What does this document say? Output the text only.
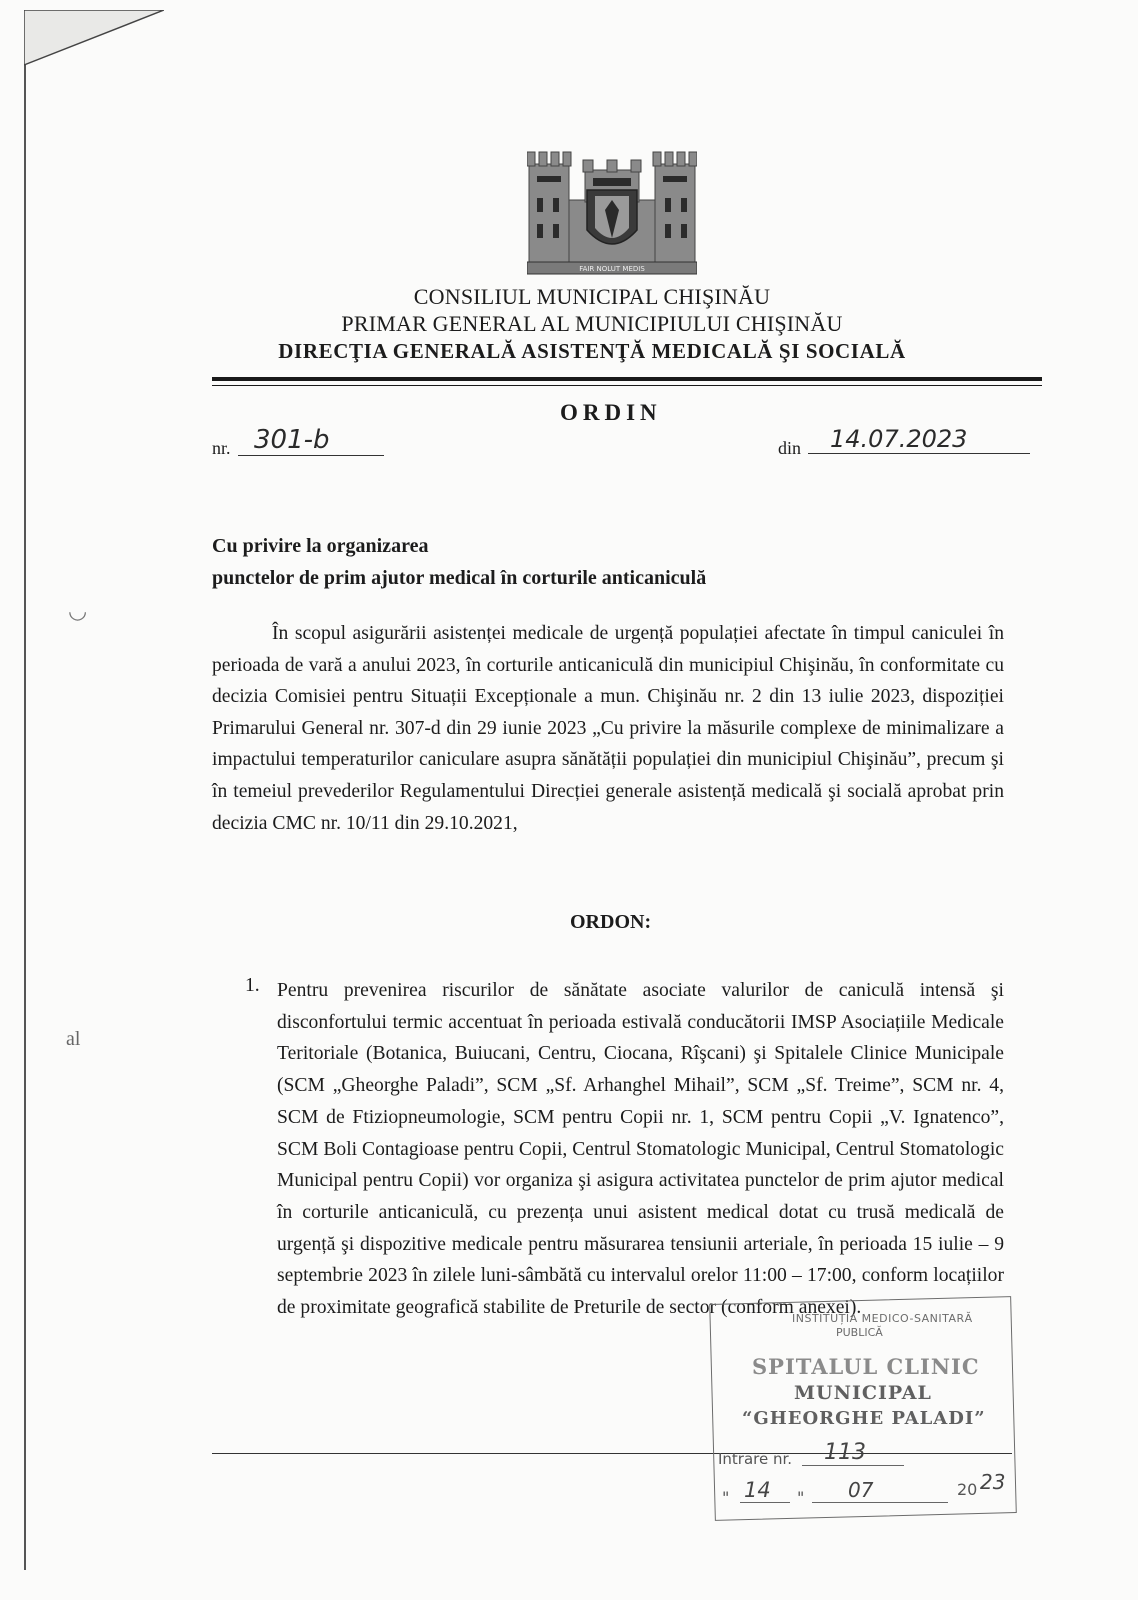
FAIR NOLUT MEDIS
CONSILIUL MUNICIPAL CHIŞINĂU
PRIMAR GENERAL AL MUNICIPIULUI CHIŞINĂU
DIRECŢIA GENERALĂ ASISTENŢĂ MEDICALĂ ŞI SOCIALĂ
ORDIN
nr. 301-b	din	14.07.2023
Cu privire la organizarea
punctelor de prim ajutor medical în corturile anticaniculă
◡

În scopul asigurării asistenței medicale de urgență populației afectate în timpul caniculei în perioada de vară a anului 2023, în corturile anticaniculă din municipiul Chişinău, în conformitate cu decizia Comisiei pentru Situații Excepționale a mun. Chişinău nr. 2 din 13 iulie 2023, dispoziției Primarului General nr. 307-d din 29 iunie 2023 „Cu privire la măsurile complexe de minimalizare a impactului temperaturilor caniculare asupra sănătății populației din municipiul Chişinău”, precum şi în temeiul prevederilor Regulamentului Direcției generale asistență medicală şi socială aprobat prin decizia CMC nr. 10/11 din 29.10.2021,

ORDON:
1. Pentru prevenirea riscurilor de sănătate asociate valurilor de caniculă intensă şi disconfortului termic accentuat în perioada estivală conducătorii IMSP Asociațiile Medicale Teritoriale (Botanica, Buiucani, Centru, Ciocana, Rîşcani) şi Spitalele Clinice Municipale (SCM „Gheorghe Paladi”, SCM „Sf. Arhanghel Mihail”, SCM „Sf. Treime”, SCM nr. 4, SCM de Ftiziopneumologie, SCM pentru Copii nr. 1, SCM pentru Copii „V. Ignatenco”, SCM Boli Contagioase pentru Copii, Centrul Stomatologic Municipal, Centrul Stomatologic Municipal pentru Copii) vor organiza şi asigura activitatea punctelor de prim ajutor medical în corturile anticaniculă, cu prezența unui asistent medical dotat cu trusă medicală de urgență şi dispozitive medicale pentru măsurarea tensiunii arteriale, în perioada 15 iulie – 9 septembrie 2023 în zilele luni-sâmbătă cu intervalul orelor 11:00 – 17:00, conform locațiilor de proximitate geografică stabilite de Preturile de sector (conform anexei).

al
INSTITUȚIA MEDICO-SANITARĂ
PUBLICĂ
SPITALUL CLINIC
MUNICIPAL
“GHEORGHE PALADI”
Intrare nr.	113
" 14	"	07	20 23
